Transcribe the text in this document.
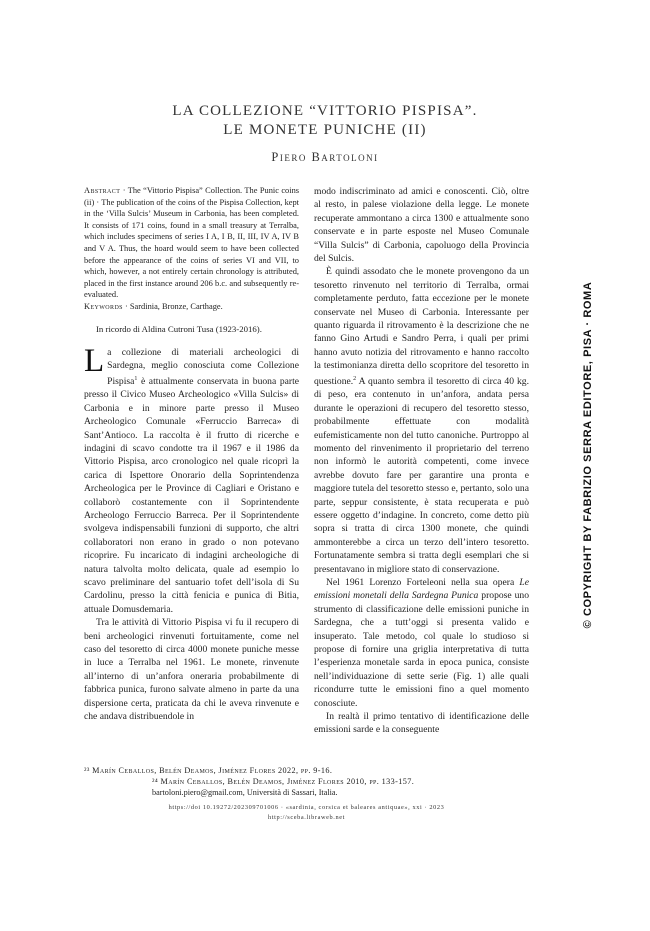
LA COLLEZIONE “VITTORIO PISPISA”.
LE MONETE PUNICHE (II)
Piero Bartoloni

Abstract · The “Vittorio Pispisa” Collection. The Punic coins (ii) · The publication of the coins of the Pispisa Collection, kept in the ‘Villa Sulcis’ Museum in Carbonia, has been completed. It consists of 171 coins, found in a small treasury at Terralba, which includes specimens of series I A, I B, II, III, IV A, IV B and V A. Thus, the hoard would seem to have been collected before the appearance of the coins of series VI and VII, to which, however, a not entirely certain chronology is attributed, placed in the first instance around 206 b.c. and subsequently re-evaluated.

Keywords · Sardinia, Bronze, Carthage.

In ricordo di Aldina Cutroni Tusa (1923-2016).

La collezione di materiali archeologici di Sardegna, meglio conosciuta come Collezione Pispisa$^1$ è attualmente conservata in buona parte presso il Civico Museo Archeologico «Villa Sulcis» di Carbonia e in minore parte presso il Museo Archeologico Comunale «Ferruccio Barreca» di Sant’Antioco. La raccolta è il frutto di ricerche e indagini di scavo condotte tra il 1967 e il 1986 da Vittorio Pispisa, arco cronologico nel quale ricoprì la carica di Ispettore Onorario della Soprintendenza Archeologica per le Province di Cagliari e Oristano e collaborò costantemente con il Soprintendente Archeologo Ferruccio Barreca. Per il Soprintendente svolgeva indispensabili funzioni di supporto, che altri collaboratori non erano in grado o non potevano ricoprire. Fu incaricato di indagini archeologiche di natura talvolta molto delicata, quale ad esempio lo scavo preliminare del santuario tofet dell’isola di Su Cardolinu, presso la città fenicia e punica di Bitia, attuale Domusdemaria.

Tra le attività di Vittorio Pispisa vi fu il recupero di beni archeologici rinvenuti fortuitamente, come nel caso del tesoretto di circa 4000 monete puniche messe in luce a Terralba nel 1961. Le monete, rinvenute all’interno di un’anfora oneraria probabilmente di fabbrica punica, furono salvate almeno in parte da una dispersione certa, praticata da chi le aveva rinvenute e che andava distribuendole in

modo indiscriminato ad amici e conoscenti. Ciò, oltre al resto, in palese violazione della legge. Le monete recuperate ammontano a circa 1300 e attualmente sono conservate e in parte esposte nel Museo Comunale “Villa Sulcis” di Carbonia, capoluogo della Provincia del Sulcis.

È quindi assodato che le monete provengono da un tesoretto rinvenuto nel territorio di Terralba, ormai completamente perduto, fatta eccezione per le monete conservate nel Museo di Carbonia. Interessante per quanto riguarda il ritrovamento è la descrizione che ne fanno Gino Artudi e Sandro Perra, i quali per primi hanno avuto notizia del ritrovamento e hanno raccolto la testimonianza diretta dello scopritore del tesoretto in questione.$^2$ A quanto sembra il tesoretto di circa 40 kg. di peso, era contenuto in un’anfora, andata persa durante le operazioni di recupero del tesoretto stesso, probabilmente effettuate con modalità eufemisticamente non del tutto canoniche. Purtroppo al momento del rinvenimento il proprietario del terreno non informò le autorità competenti, come invece avrebbe dovuto fare per garantire una pronta e maggiore tutela del tesoretto stesso e, pertanto, solo una parte, seppur consistente, è stata recuperata e può essere oggetto d’indagine. In concreto, come detto più sopra si tratta di circa 1300 monete, che quindi ammonterebbe a circa un terzo dell’intero tesoretto. Fortunatamente sembra si tratta degli esemplari che si presentavano in migliore stato di conservazione.

Nel 1961 Lorenzo Forteleoni nella sua opera Le emissioni monetali della Sardegna Punica propose uno strumento di classificazione delle emissioni puniche in Sardegna, che a tutt’oggi si presenta valido e insuperato. Tale metodo, col quale lo studioso si propose di fornire una griglia interpretativa di tutta l’esperienza monetale sarda in epoca punica, consiste nell’individuazione di sette serie (Fig. 1) alle quali ricondurre tutte le emissioni fino a quel momento conosciute.

In realtà il primo tentativo di identificazione delle emissioni sarde e la conseguente

²³ Marín Ceballos, Belén Deamos, Jiménez Flores 2022, pp. 9-16.
²⁴ Marín Ceballos, Belén Deamos, Jiménez Flores 2010, pp. 133-157.
bartoloni.piero@gmail.com, Università di Sassari, Italia.
https://doi 10.19272/202309701006 · «sardinia, corsica et baleares antiquae», xxi · 2023
http://sceba.libraweb.net
© COPYRIGHT BY FABRIZIO SERRA EDITORE, PISA · ROMA
